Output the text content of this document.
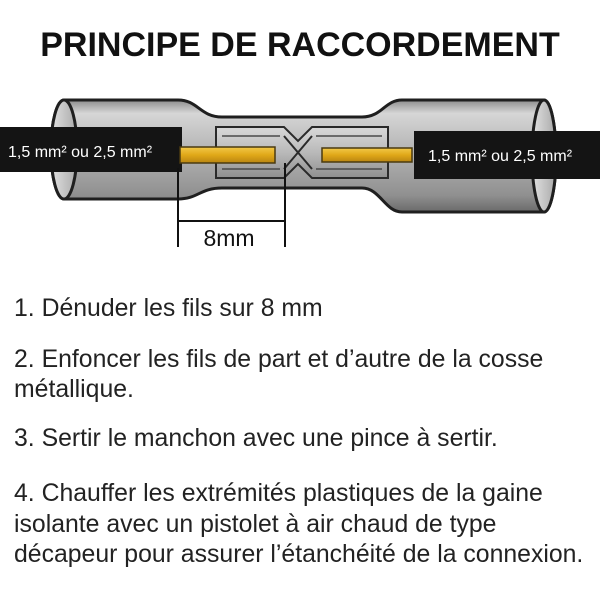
1,5 mm² ou 2,5 mm²	1,5 mm² ou 2,5 mm²
8mm
PRINCIPE DE RACCORDEMENT
1. Dénuder les fils sur 8 mm
2. Enfoncer les fils de part et d’autre de la cosse
métallique.
3. Sertir le manchon avec une pince à sertir.
4. Chauffer les extrémités plastiques de la gaine
isolante avec un pistolet à air chaud de type
décapeur pour assurer l’étanchéité de la connexion.
